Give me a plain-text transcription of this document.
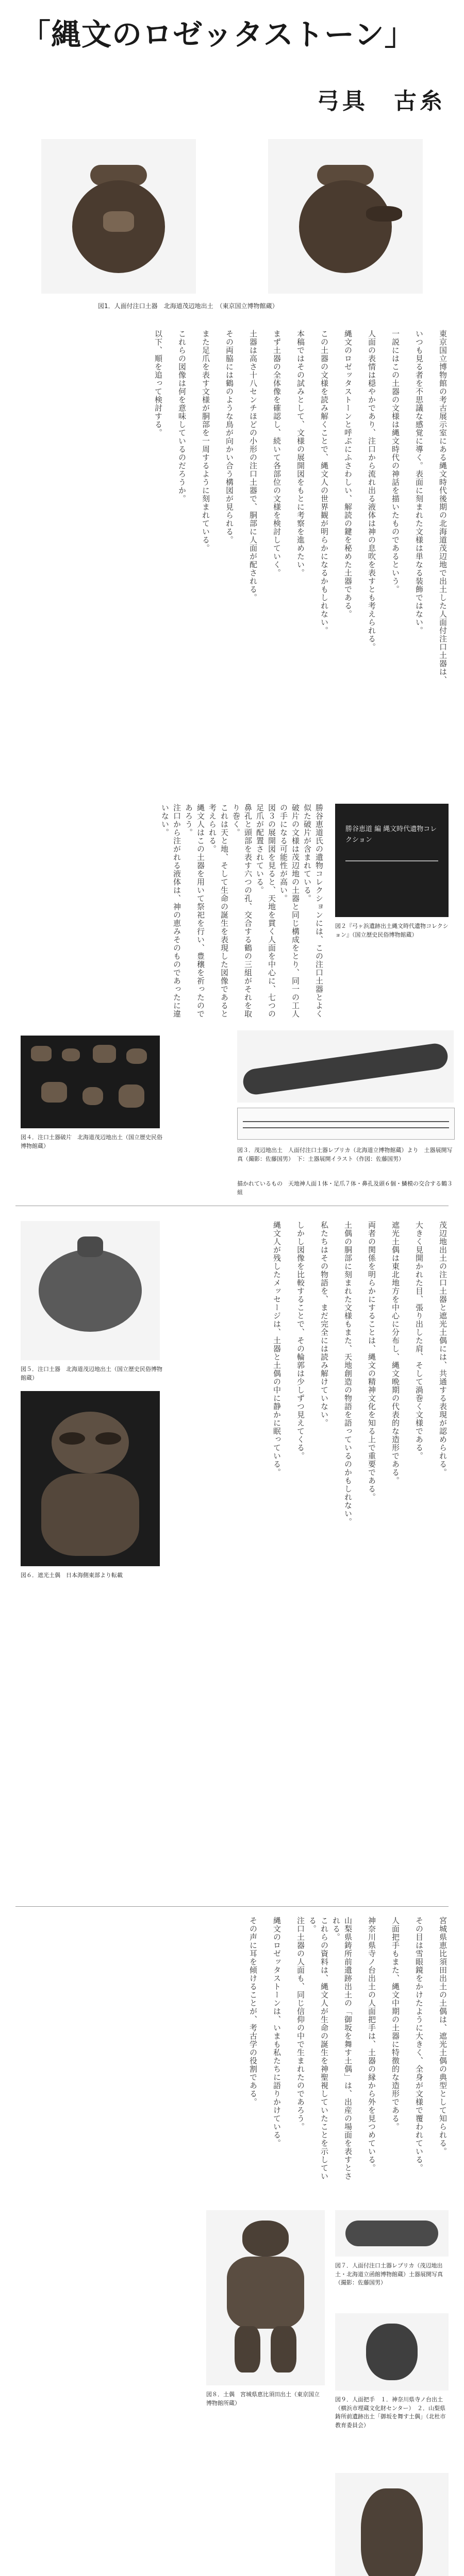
「縄文のロゼッタストーン」
弓具　古糸
図1．人面付注口土器　北海道茂辺地出土　（東京国立博物館蔵）
東京国立博物館の考古展示室にある縄文時代後期の北海道茂辺地で出土した人面付注口土器は、
いつも見る者を不思議な感覚に導く。表面に刻まれた文様は単なる装飾ではない。
一説にはこの土器の文様は縄文時代の神話を描いたものであるという。
人面の表情は穏やかであり、注口から流れ出る液体は神の息吹を表すとも考えられる。
縄文のロゼッタストーンと呼ぶにふさわしい、解読の鍵を秘めた土器である。
この土器の文様を読み解くことで、縄文人の世界観が明らかになるかもしれない。
本稿ではその試みとして、文様の展開図をもとに考察を進めたい。
まず土器の全体像を確認し、続いて各部位の文様を検討していく。
土器は高さ十八センチほどの小形の注口土器で、胴部に人面が配される。
その両脇には鶴のような鳥が向かい合う構図が見られる。
また足爪を表す文様が胴部を一周するように刻まれている。
これらの図像は何を意味しているのだろうか。
以下、順を追って検討する。
勝谷恵道 編 縄文時代遺物コレクション
図２『弓ヶ浜遺跡出土縄文時代遺物コレクション』（国立歴史民俗博物館蔵）
勝谷恵道氏の遺物コレクションには、この注口土器とよく似た破片が含まれている。
破片の文様は茂辺地の土器と同じ構成をとり、同一の工人の手になる可能性が高い。
図３の展開図を見ると、天地を貫く人面を中心に、七つの足爪が配置されている。
鼻孔と頭部を表す六つの孔、交合する鶴の三組がそれを取り巻く。
これは天と地、そして生命の誕生を表現した図像であると考えられる。
縄文人はこの土器を用いて祭祀を行い、豊穣を祈ったのであろう。
注口から注がれる液体は、神の恵みそのものであったに違いない。
図３．茂辺地出土　人面付注口土器レプリカ（北海道立博物館蔵）より　土器展開写真（撮影：佐藤国男）　下：土器展開イラスト（作図：佐藤国男）
描かれているもの　天地神人面１体・足爪７体・鼻孔及頭６個・鱗模の交合する鶴３組
図４．注口土器破片　北海道茂辺地出土（国立歴史民俗博物館蔵）
図５．注口土器　北海道茂辺地出土（国立歴史民俗博物館蔵）
図６．遮光土偶　日本海側東部より転載
茂辺地出土の注口土器と遮光土偶には、共通する表現が認められる。
大きく見開かれた目、張り出した肩、そして渦巻く文様である。
遮光土偶は東北地方を中心に分布し、縄文晩期の代表的な造形である。
両者の関係を明らかにすることは、縄文の精神文化を知る上で重要である。
土偶の胴部に刻まれた文様もまた、天地創造の物語を語っているのかもしれない。
私たちはその物語を、まだ完全には読み解けていない。
しかし図像を比較することで、その輪郭は少しずつ見えてくる。
縄文人が残したメッセージは、土器と土偶の中に静かに眠っている。
宮城県恵比須田出土の土偶は、遮光土偶の典型として知られる。
その目は雪眼鏡をかけたように大きく、全身が文様で覆われている。
人面把手もまた、縄文中期の土器に特徴的な造形である。
神奈川県寺ノ台出土の人面把手は、土器の縁から外を見つめている。
山梨県鋳所前遺跡出土の「御坂を舞す土偶」は、出産の場面を表すとされる。
これらの資料は、縄文人が生命の誕生を神聖視していたことを示している。
注口土器の人面も、同じ信仰の中で生まれたのであろう。
縄文のロゼッタストーンは、いまも私たちに語りかけている。
その声に耳を傾けることが、考古学の役割である。
図７．人面付注口土器レプリカ（茂辺地出土・北海道立函館博物館蔵）土器展開写真（撮影：佐藤国男）
図８．土偶　宮城県恵比須田出土（東京国立博物館所蔵）	図９．人面把手　１．神奈川県寺ノ台出土（横浜市埋蔵文化財センター）　２．山梨県鋳所前遺跡出土「御坂を舞す土偶」（北杜市教育委員会）
